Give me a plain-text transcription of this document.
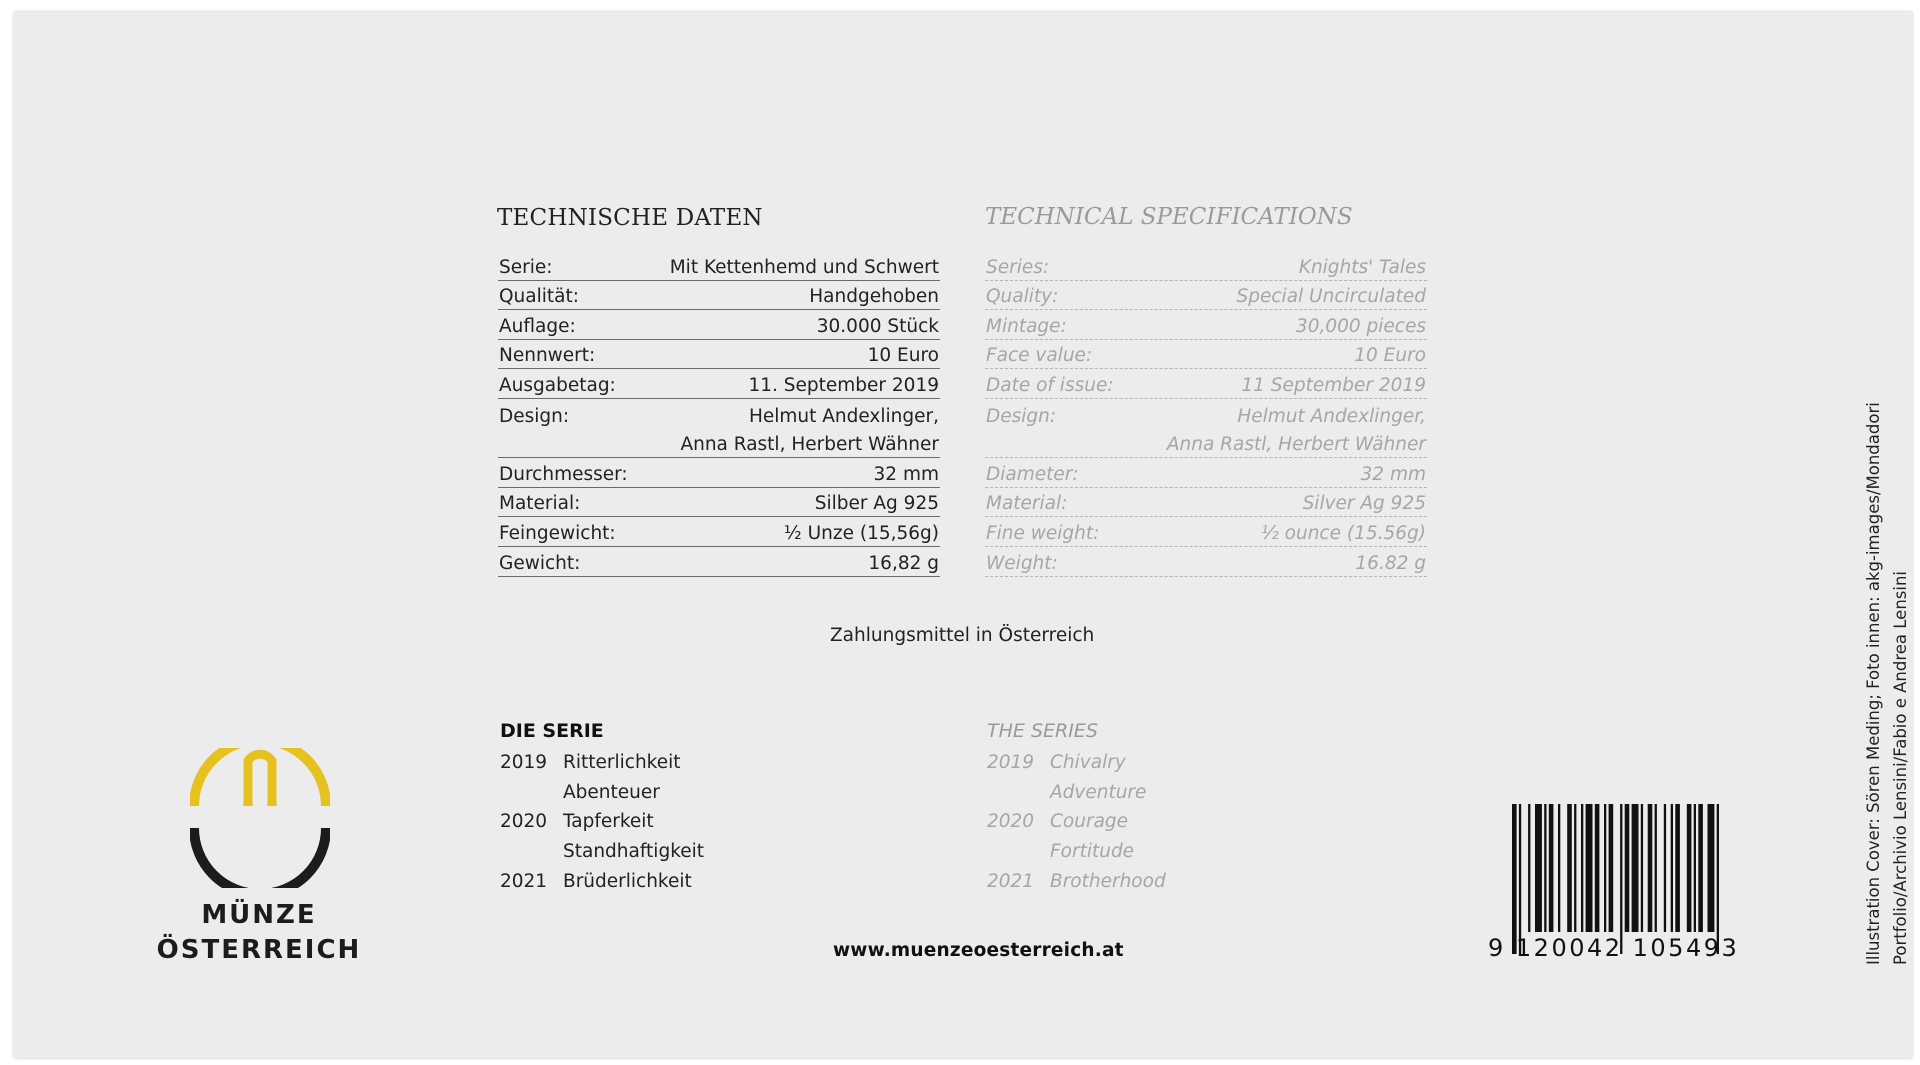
TECHNISCHE DATEN	TECHNICAL SPECIFICATIONS
Serie:	Mit Kettenhemd und Schwert
Qualität:	Handgehoben
Auflage:	30.000 Stück
Nennwert:	10 Euro
Ausgabetag:	11. September 2019
Design:	Helmut Andexlinger,
Anna Rastl, Herbert Wähner
Durchmesser:	32 mm
Material:	Silber Ag 925
Feingewicht:	½ Unze (15,56g)
Gewicht:	16,82 g
Series:	Knights' Tales
Quality:	Special Uncirculated
Mintage:	30,000 pieces
Face value:	10 Euro
Date of issue:	11 September 2019
Design:	Helmut Andexlinger,
Anna Rastl, Herbert Wähner
Diameter:	32 mm
Material:	Silver Ag 925
Fine weight:	½ ounce (15.56g)
Weight:	16.82 g
Zahlungsmittel in Österreich
DIE SERIE	THE SERIES
2019 Ritterlichkeit
Abenteuer
2020 Tapferkeit
Standhaftigkeit
2021 Brüderlichkeit
2019 Chivalry
Adventure
2020 Courage
Fortitude
2021 Brotherhood
MÜNZE
ÖSTERREICH	www.muenzeoesterreich.at	9 120042 105493	Illustration Cover: Sören Meding; Foto innen: akg-images/Mondadori Portfolio/Archivio Lensini/Fabio e Andrea Lensini
